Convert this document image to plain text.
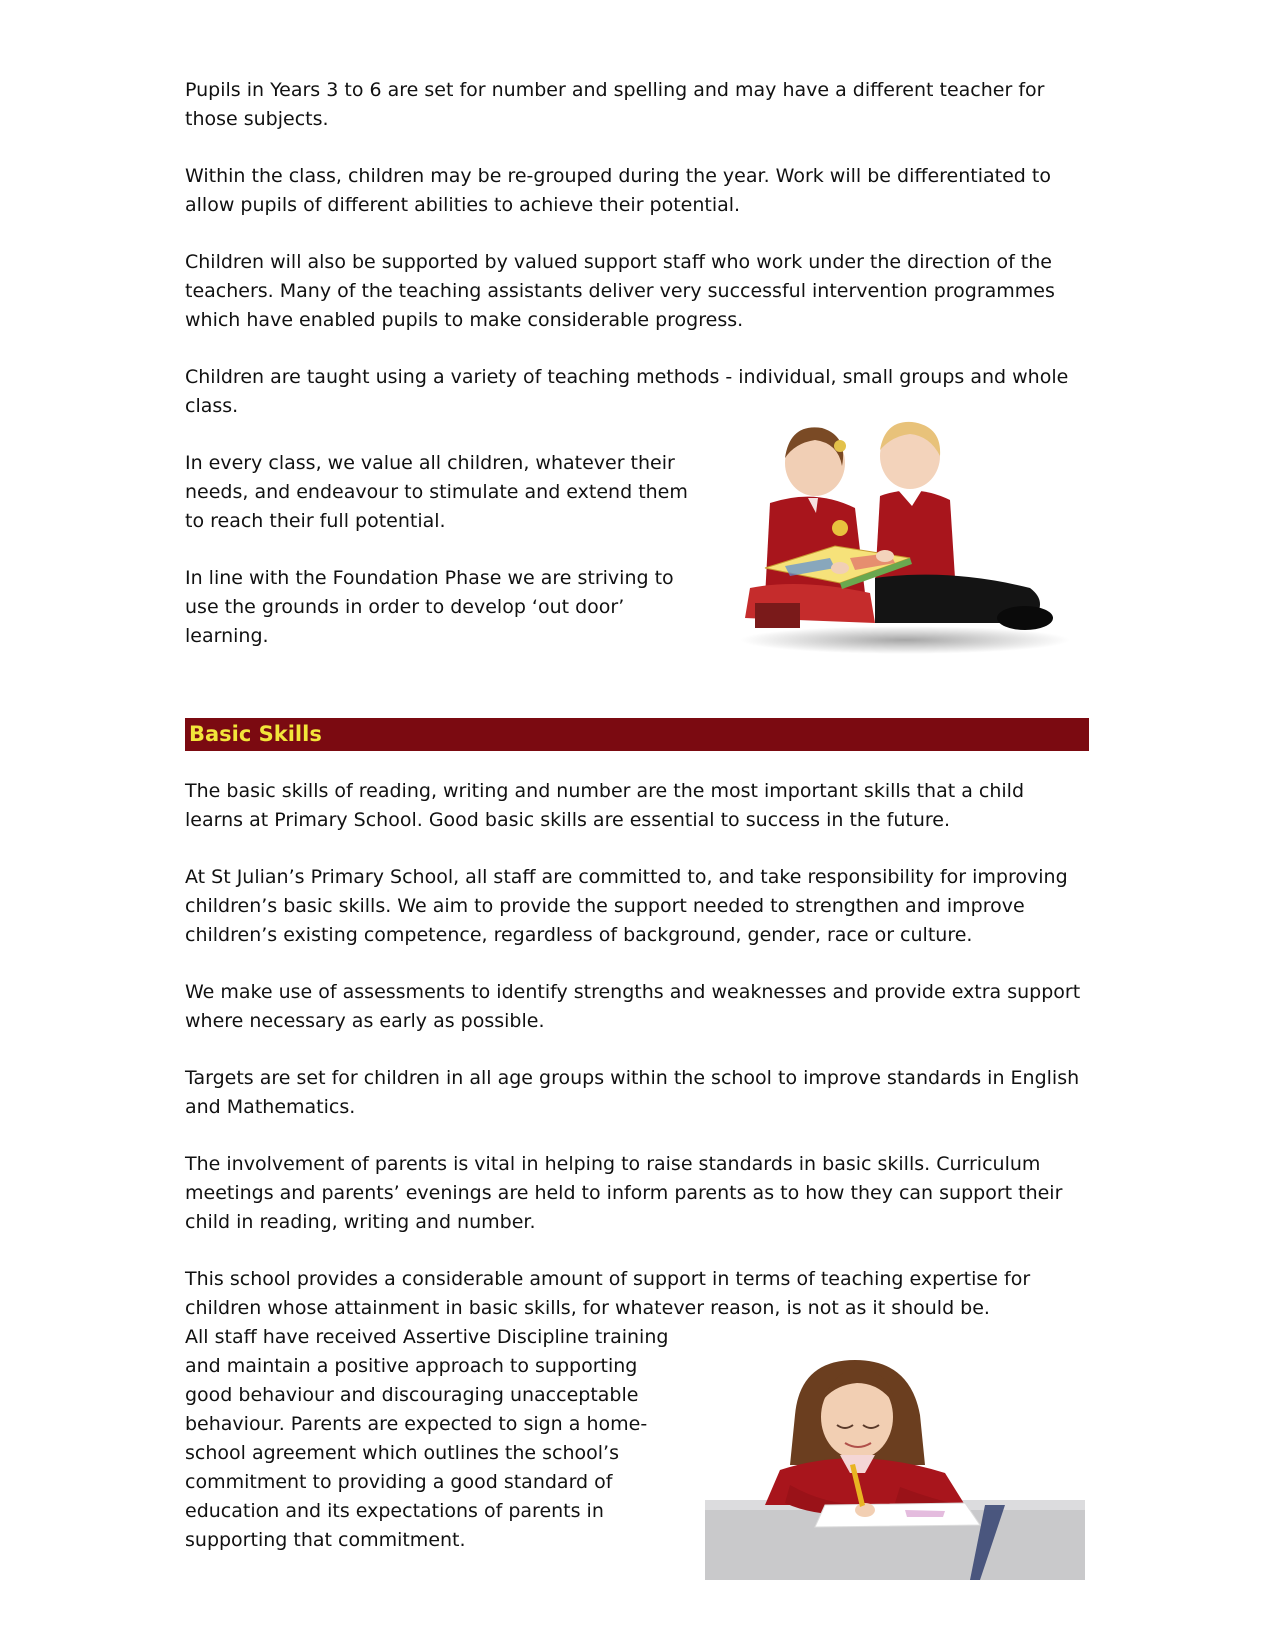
Pupils in Years 3 to 6 are set for number and spelling and may have a different teacher for those subjects.

Within the class, children may be re-grouped during the year. Work will be differentiated to allow pupils of different abilities to achieve their potential.

Children will also be supported by valued support staff who work under the direction of the teachers. Many of the teaching assistants deliver very successful intervention programmes which have enabled pupils to make considerable progress.

Children are taught using a variety of teaching methods - individual, small groups and whole class.

In every class, we value all children, whatever their needs, and endeavour to stimulate and extend them to reach their full potential.

In line with the Foundation Phase we are striving to use the grounds in order to develop ‘out door’ learning.

Basic Skills

The basic skills of reading, writing and number are the most important skills that a child learns at Primary School. Good basic skills are essential to success in the future.

At St Julian’s Primary School, all staff are committed to, and take responsibility for improving children’s basic skills. We aim to provide the support needed to strengthen and improve children’s existing competence, regardless of background, gender, race or culture.

We make use of assessments to identify strengths and weaknesses and provide extra support where necessary as early as possible.

Targets are set for children in all age groups within the school to improve standards in English and Mathematics.

The involvement of parents is vital in helping to raise standards in basic skills. Curriculum meetings and parents’ evenings are held to inform parents as to how they can support their child in reading, writing and number.

This school provides a considerable amount of support in terms of teaching expertise for children whose attainment in basic skills, for whatever reason, is not as it should be.

All staff have received Assertive Discipline training and maintain a positive approach to supporting good behaviour and discouraging unacceptable behaviour. Parents are expected to sign a home-school agreement which outlines the school’s commitment to providing a good standard of education and its expectations of parents in supporting that commitment.
